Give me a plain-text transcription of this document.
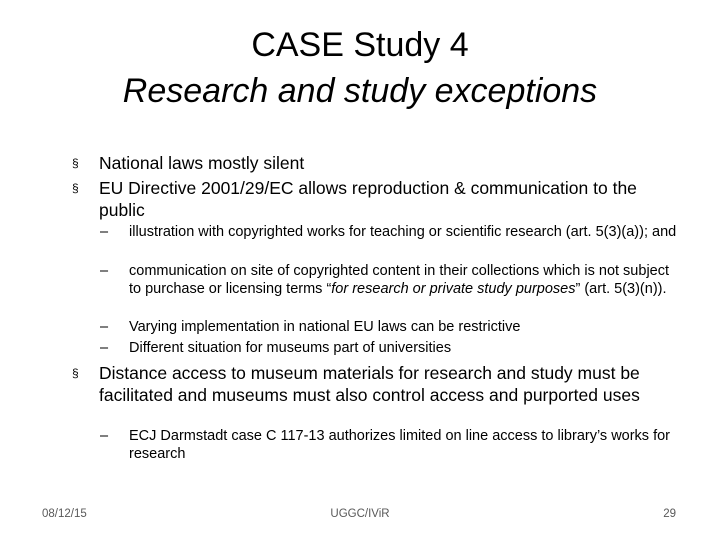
CASE Study 4
Research and study exceptions
§	National laws mostly silent
§	EU Directive 2001/29/EC allows reproduction & communication to the public
–	illustration with copyrighted works for teaching or scientific research (art. 5(3)(a)); and
–	communication on site of copyrighted content in their collections which is not subject to purchase or licensing terms “for research or private study purposes” (art. 5(3)(n)).
–	Varying implementation in national EU laws can be restrictive
–	Different situation for museums part of universities
§	Distance access to museum materials for research and study must be facilitated and museums must also control access and purported uses
–	ECJ Darmstadt case C 117-13 authorizes limited on line access to library’s works for research
08/12/15	UGGC/IViR	29
